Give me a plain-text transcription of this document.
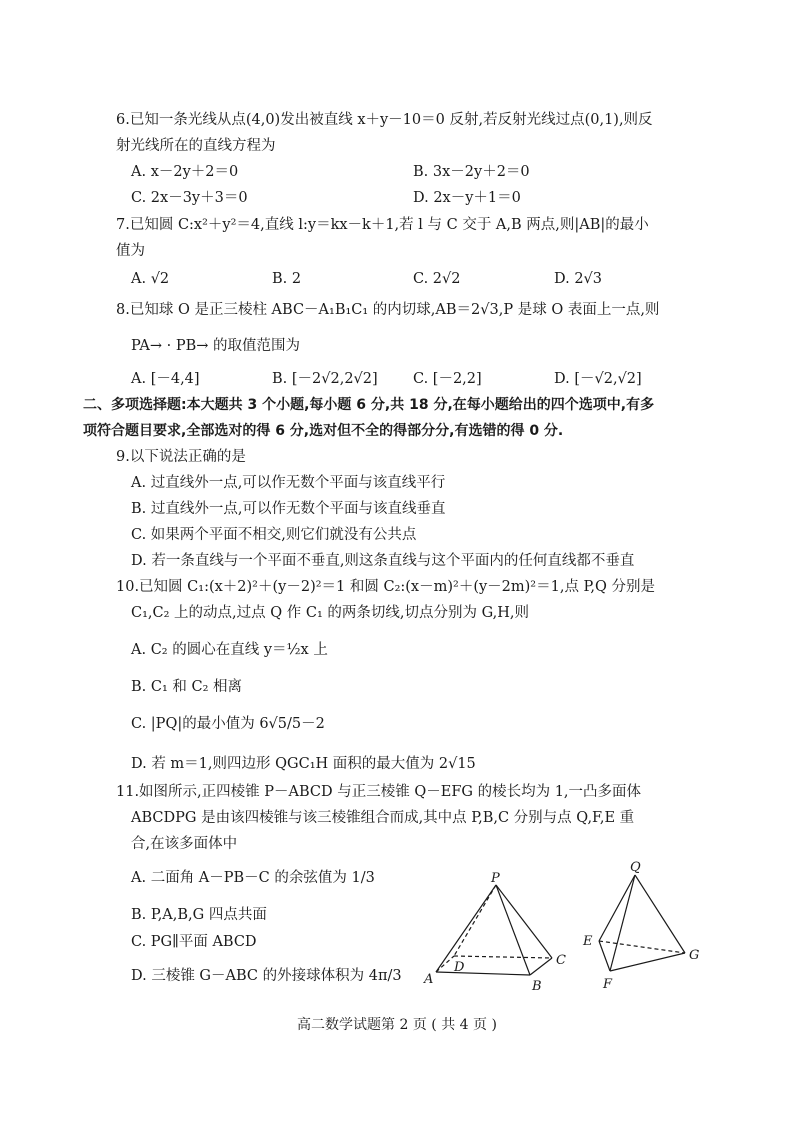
6.已知一条光线从点(4,0)发出被直线 x＋y－10＝0 反射,若反射光线过点(0,1),则反
射光线所在的直线方程为
A. x－2y＋2＝0	B. 3x－2y＋2＝0
C. 2x－3y＋3＝0	D. 2x－y＋1＝0
7.已知圆 C:x²＋y²＝4,直线 l:y＝kx－k＋1,若 l 与 C 交于 A,B 两点,则|AB|的最小
值为
A. √2	B. 2	C. 2√2	D. 2√3
8.已知球 O 是正三棱柱 ABC－A₁B₁C₁ 的内切球,AB＝2√3,P 是球 O 表面上一点,则
PA→ · PB→ 的取值范围为
A. [－4,4]	B. [－2√2,2√2] C. [－2,2]	D. [－√2,√2]
二、多项选择题:本大题共 3 个小题,每小题 6 分,共 18 分,在每小题给出的四个选项中,有多
项符合题目要求,全部选对的得 6 分,选对但不全的得部分分,有选错的得 0 分.
9.以下说法正确的是
A. 过直线外一点,可以作无数个平面与该直线平行
B. 过直线外一点,可以作无数个平面与该直线垂直
C. 如果两个平面不相交,则它们就没有公共点
D. 若一条直线与一个平面不垂直,则这条直线与这个平面内的任何直线都不垂直
10.已知圆 C₁:(x＋2)²＋(y－2)²＝1 和圆 C₂:(x－m)²＋(y－2m)²＝1,点 P,Q 分别是
C₁,C₂ 上的动点,过点 Q 作 C₁ 的两条切线,切点分别为 G,H,则
A. C₂ 的圆心在直线 y＝½x 上
B. C₁ 和 C₂ 相离
C. |PQ|的最小值为 6√5/5－2
D. 若 m＝1,则四边形 QGC₁H 面积的最大值为 2√15
11.如图所示,正四棱锥 P－ABCD 与正三棱锥 Q－EFG 的棱长均为 1,一凸多面体
ABCDPG 是由该四棱锥与该三棱锥组合而成,其中点 P,B,C 分别与点 Q,F,E 重
合,在该多面体中
A. 二面角 A－PB－C 的余弦值为 1/3
B. P,A,B,G 四点共面
C. PG∥平面 ABCD
D. 三棱锥 G－ABC 的外接球体积为 4π/3
P
A	B
C
D
Q
E
F
G
高二数学试题第 2 页 ( 共 4 页 )
